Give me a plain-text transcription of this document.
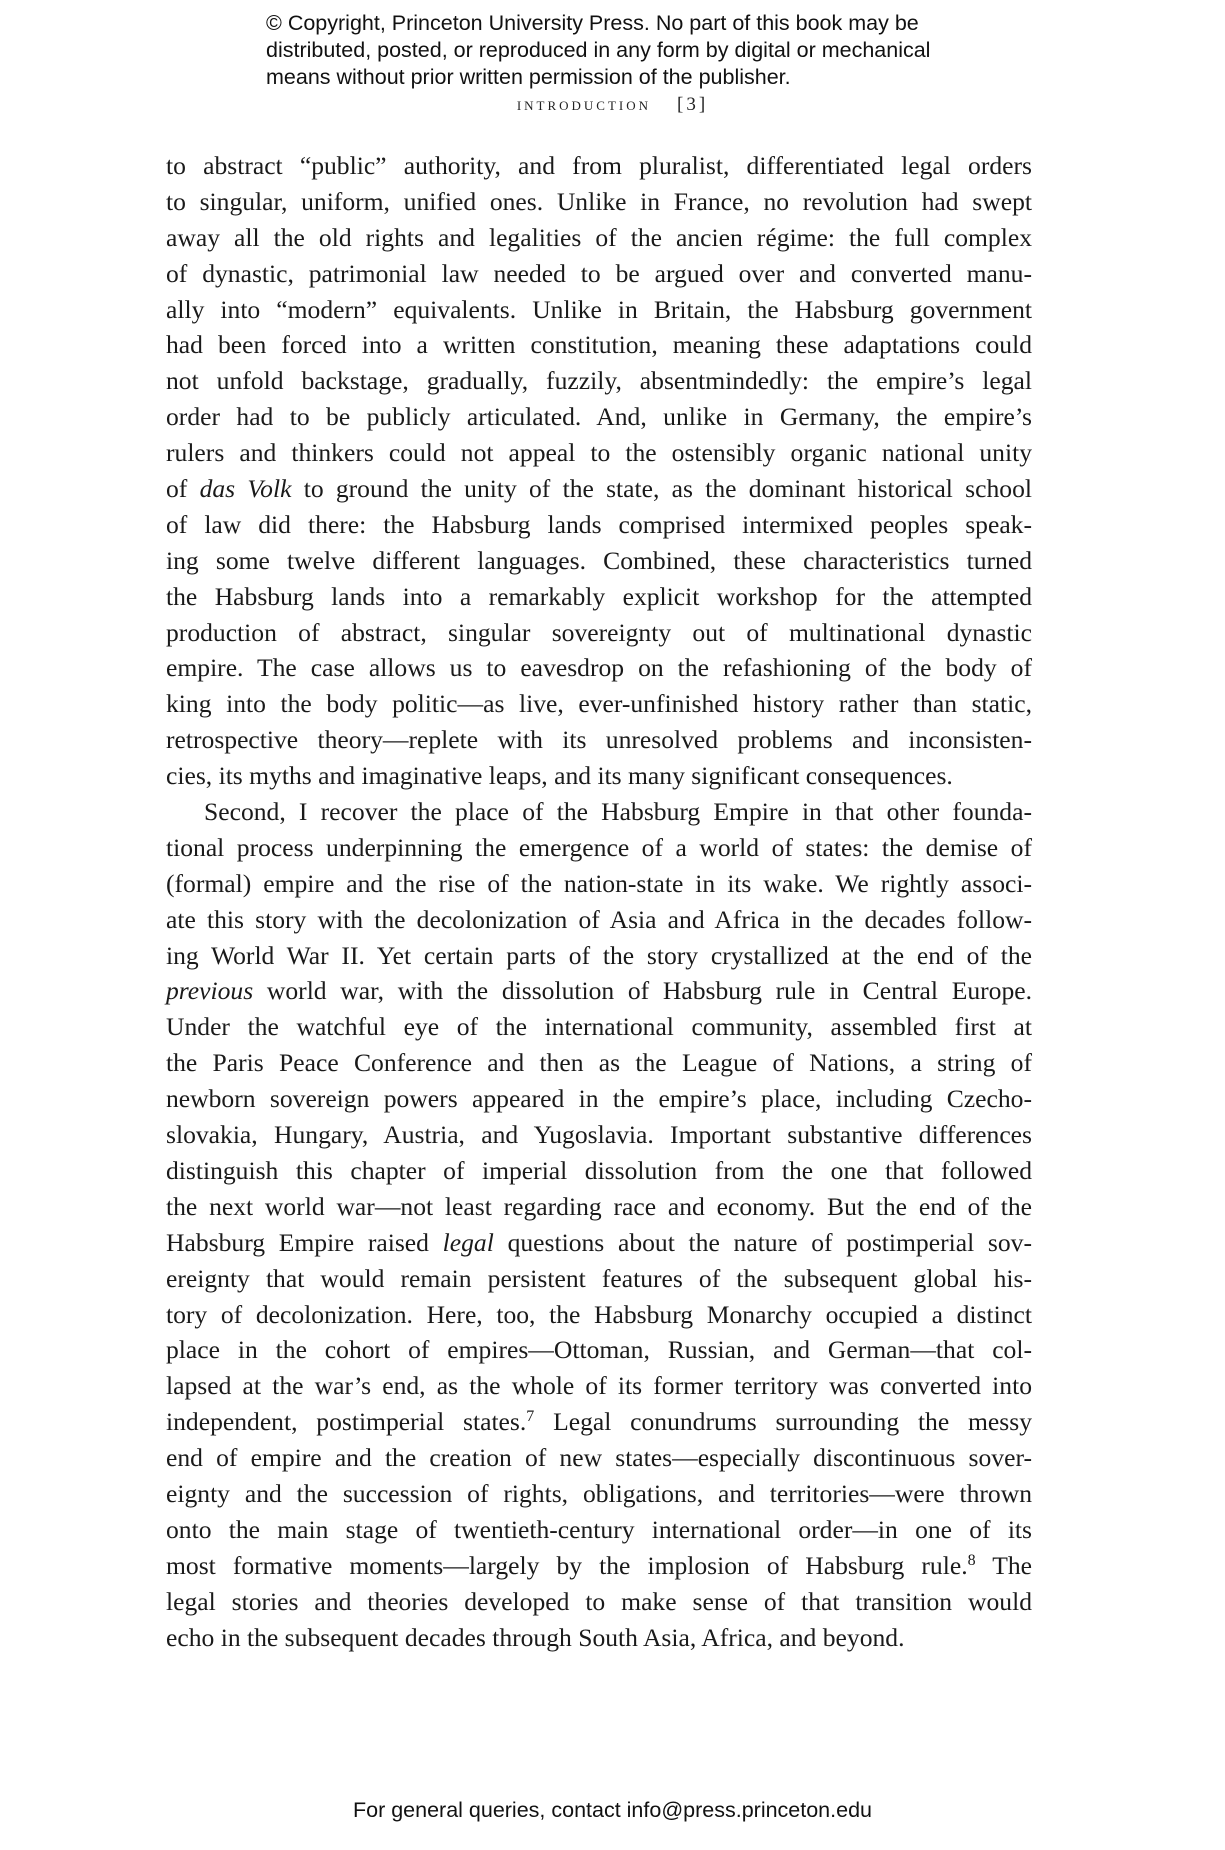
© Copyright, Princeton University Press. No part of this book may be
distributed, posted, or reproduced in any form by digital or mechanical
means without prior written permission of the publisher.
introduction [3]
to abstract “public” authority, and from pluralist, differentiated legal orders
to singular, uniform, unified ones. Unlike in France, no revolution had swept
away all the old rights and legalities of the ancien régime: the full complex
of dynastic, patrimonial law needed to be argued over and converted manu-
ally into “modern” equivalents. Unlike in Britain, the Habsburg government
had been forced into a written constitution, meaning these adaptations could
not unfold backstage, gradually, fuzzily, absentmindedly: the empire’s legal
order had to be publicly articulated. And, unlike in Germany, the empire’s
rulers and thinkers could not appeal to the ostensibly organic national unity
of das Volk to ground the unity of the state, as the dominant historical school
of law did there: the Habsburg lands comprised intermixed peoples speak-
ing some twelve different languages. Combined, these characteristics turned
the Habsburg lands into a remarkably explicit workshop for the attempted
production of abstract, singular sovereignty out of multinational dynastic
empire. The case allows us to eavesdrop on the refashioning of the body of
king into the body politic—as live, ever-unfinished history rather than static,
retrospective theory—replete with its unresolved problems and inconsisten-
cies, its myths and imaginative leaps, and its many significant consequences.
Second, I recover the place of the Habsburg Empire in that other founda-
tional process underpinning the emergence of a world of states: the demise of
(formal) empire and the rise of the nation-state in its wake. We rightly associ-
ate this story with the decolonization of Asia and Africa in the decades follow-
ing World War II. Yet certain parts of the story crystallized at the end of the
previous world war, with the dissolution of Habsburg rule in Central Europe.
Under the watchful eye of the international community, assembled first at
the Paris Peace Conference and then as the League of Nations, a string of
newborn sovereign powers appeared in the empire’s place, including Czecho-
slovakia, Hungary, Austria, and Yugoslavia. Important substantive differences
distinguish this chapter of imperial dissolution from the one that followed
the next world war—not least regarding race and economy. But the end of the
Habsburg Empire raised legal questions about the nature of postimperial sov-
ereignty that would remain persistent features of the subsequent global his-
tory of decolonization. Here, too, the Habsburg Monarchy occupied a distinct
place in the cohort of empires—Ottoman, Russian, and German—that col-
lapsed at the war’s end, as the whole of its former territory was converted into
independent, postimperial states.$^7$ Legal conundrums surrounding the messy
end of empire and the creation of new states—especially discontinuous sover-
eignty and the succession of rights, obligations, and territories—were thrown
onto the main stage of twentieth-century international order—in one of its
most formative moments—largely by the implosion of Habsburg rule.$^8$ The
legal stories and theories developed to make sense of that transition would
echo in the subsequent decades through South Asia, Africa, and beyond.
For general queries, contact info@press.princeton.edu
